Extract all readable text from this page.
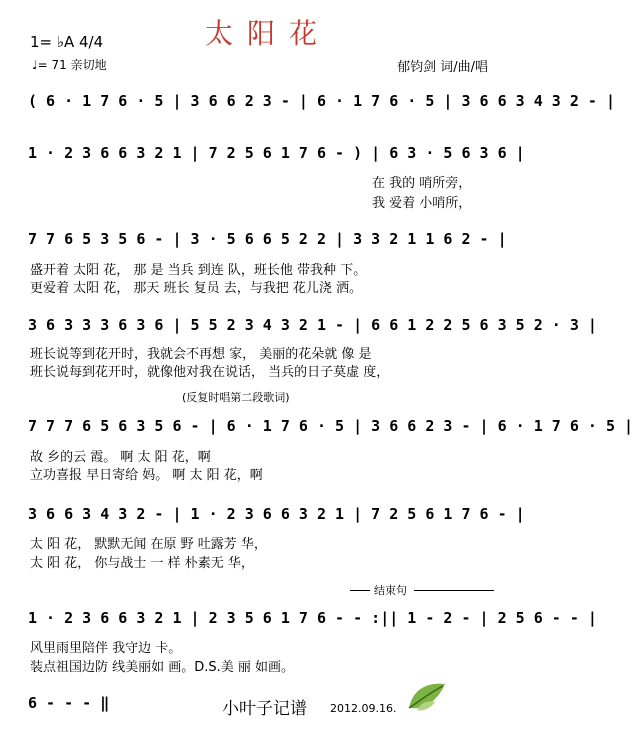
太阳花
1= ♭A 4/4
♩= 71 亲切地	郁钧剑 词/曲/唱
( 6 · 1 7 6 · 5 | 3 6 6 2 3 - | 6 · 1 7 6 · 5 | 3 6 6 3 4 3 2 - |
1 · 2 3 6 6 3 2 1 | 7 2 5 6 1 7 6 - ) | 6 3 · 5 6 3 6 |
在 我的 哨所旁，
我 爱着 小哨所，
7 7 6 5 3 5 6 - | 3 · 5 6 6 5 2 2 | 3 3 2 1 1 6 2 - |
盛开着 太阳 花， 那 是 当兵 到连 队，班长他 带我种 下。
更爱着 太阳 花， 那天 班长 复员 去，与我把 花儿浇 洒。
3 6 3 3 3 6 3 6 | 5 5 2 3 4 3 2 1 - | 6 6 1 2 2 5 6 3 5 2 · 3 |
班长说等到花开时，我就会不再想 家， 美丽的花朵就 像 是
班长说每到花开时，就像他对我在说话， 当兵的日子莫虚 度，
(反复时唱第二段歌词)
7 7 7 6 5 6 3 5 6 - | 6 · 1 7 6 · 5 | 3 6 6 2 3 - | 6 · 1 7 6 · 5 |
故 乡的云 霞。 啊 太 阳 花，啊
立功喜报 早日寄给 妈。 啊 太 阳 花，啊
3 6 6 3 4 3 2 - | 1 · 2 3 6 6 3 2 1 | 7 2 5 6 1 7 6 - |
太 阳 花， 默默无闻 在原 野 吐露芳 华，
太 阳 花， 你与战士 一 样 朴素无 华，
结束句
1 · 2 3 6 6 3 2 1 | 2 3 5 6 1 7 6 - - :|| 1 - 2 - | 2 5 6 - - |
风里雨里陪伴 我守边 卡。
装点祖国边防 线美丽如 画。D.S.美 丽 如画。
6 - - - ‖	小叶子记谱 2012.09.16.
